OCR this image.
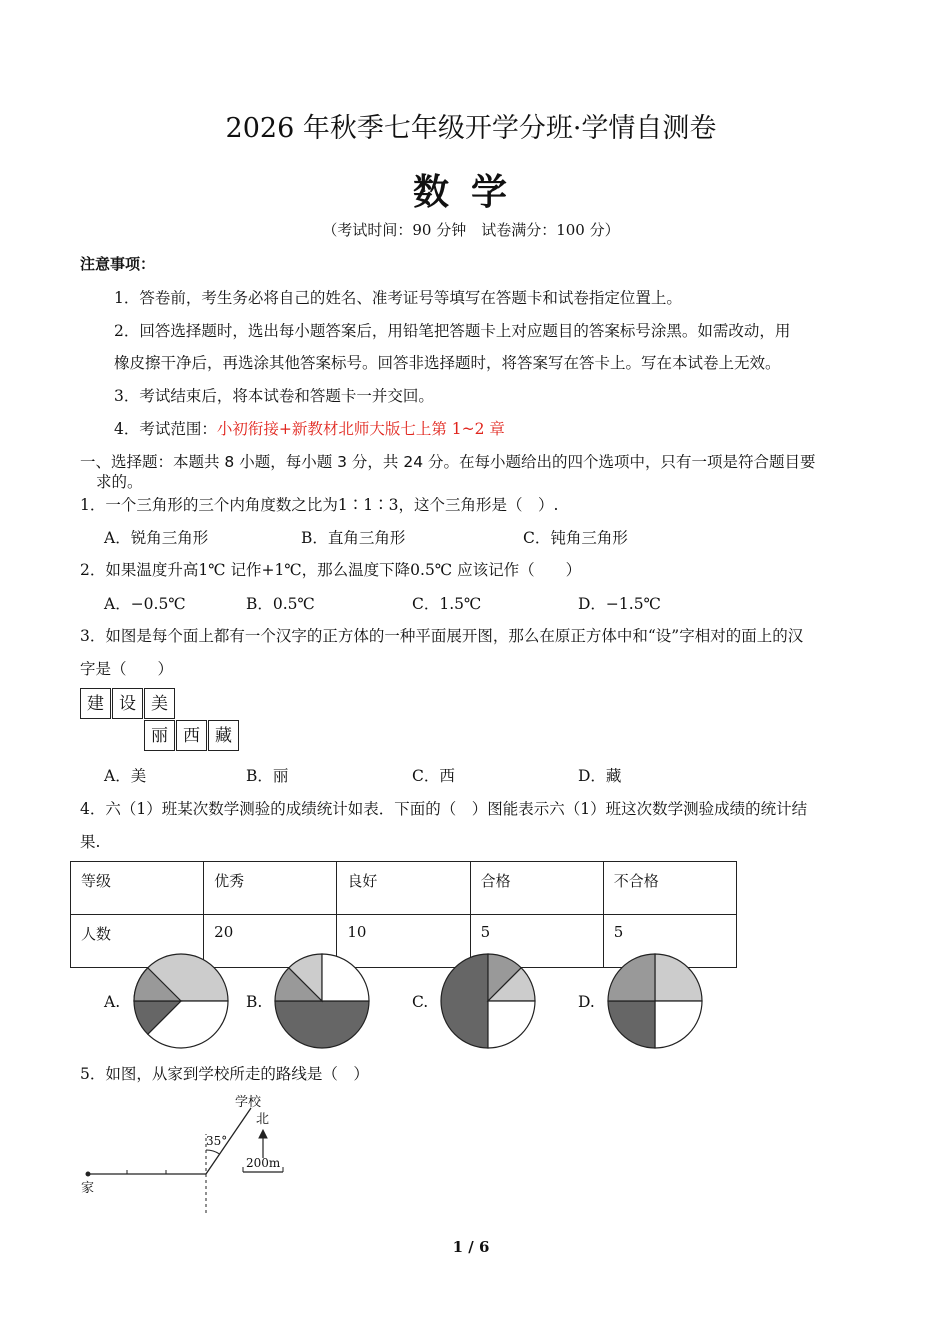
2026 年秋季七年级开学分班·学情自测卷
数学
（考试时间：90 分钟　试卷满分：100 分）
注意事项：
1．答卷前，考生务必将自己的姓名、准考证号等填写在答题卡和试卷指定位置上。
2．回答选择题时，选出每小题答案后，用铅笔把答题卡上对应题目的答案标号涂黑。如需改动，用
橡皮擦干净后，再选涂其他答案标号。回答非选择题时，将答案写在答卡上。写在本试卷上无效。
3．考试结束后，将本试卷和答题卡一并交回。
4．考试范围：小初衔接+新教材北师大版七上第 1~2 章
一、选择题：本题共 8 小题，每小题 3 分，共 24 分。在每小题给出的四个选项中，只有一项是符合题目要
求的。
1．一个三角形的三个内角度数之比为1∶1∶3，这个三角形是（　）.
A．锐角三角形	B．直角三角形	C．钝角三角形
2．如果温度升高1℃ 记作+1℃，那么温度下降0.5℃ 应该记作（　　）
A．−0.5℃	B．0.5℃	C．1.5℃	D．−1.5℃
3．如图是每个面上都有一个汉字的正方体的一种平面展开图，那么在原正方体中和“设”字相对的面上的汉
字是（　　）
建 设 美
丽 西 藏
A．美	B．丽	C．西	D．藏
4．六（1）班某次数学测验的成绩统计如表．下面的（　）图能表示六（1）班这次数学测验成绩的统计结
果.
等级	优秀	良好	合格	不合格
人数	20	10	5	5
A.	B.	C.	D.
5．如图，从家到学校所走的路线是（　）
学校
北
35°
200m
家
1 / 6
